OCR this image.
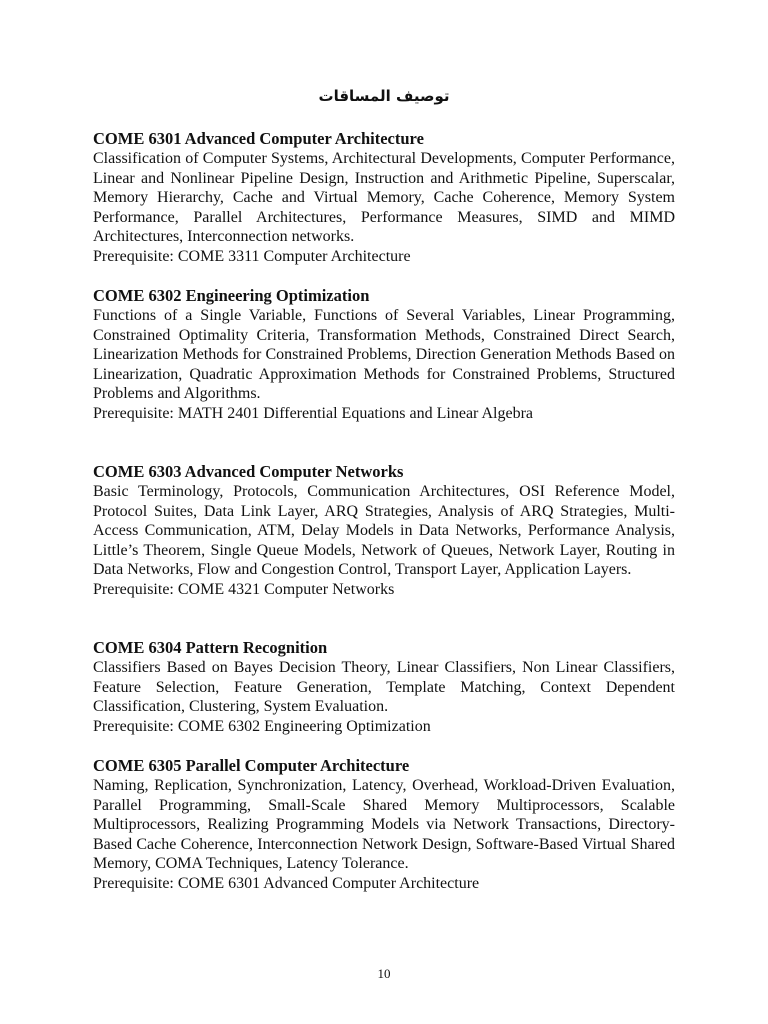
توصيف المساقات
COME 6301 Advanced Computer Architecture

Classification of Computer Systems, Architectural Developments, Computer Performance, Linear and Nonlinear Pipeline Design, Instruction and Arithmetic Pipeline, Superscalar, Memory Hierarchy, Cache and Virtual Memory, Cache Coherence, Memory System Performance, Parallel Architectures, Performance Measures, SIMD and MIMD Architectures, Interconnection networks.

Prerequisite: COME 3311 Computer Architecture

COME 6302 Engineering Optimization

Functions of a Single Variable, Functions of Several Variables, Linear Programming, Constrained Optimality Criteria, Transformation Methods, Constrained Direct Search, Linearization Methods for Constrained Problems, Direction Generation Methods Based on Linearization, Quadratic Approximation Methods for Constrained Problems, Structured Problems and Algorithms.

Prerequisite: MATH 2401 Differential Equations and Linear Algebra

COME 6303 Advanced Computer Networks

Basic Terminology, Protocols, Communication Architectures, OSI Reference Model, Protocol Suites, Data Link Layer, ARQ Strategies, Analysis of ARQ Strategies, Multi-Access Communication, ATM, Delay Models in Data Networks, Performance Analysis, Little’s Theorem, Single Queue Models, Network of Queues, Network Layer, Routing in Data Networks, Flow and Congestion Control, Transport Layer, Application Layers.

Prerequisite: COME 4321 Computer Networks

COME 6304 Pattern Recognition

Classifiers Based on Bayes Decision Theory, Linear Classifiers, Non Linear Classifiers, Feature Selection, Feature Generation, Template Matching, Context Dependent Classification, Clustering, System Evaluation.

Prerequisite: COME 6302 Engineering Optimization

COME 6305 Parallel Computer Architecture

Naming, Replication, Synchronization, Latency, Overhead, Workload-Driven Evaluation, Parallel Programming, Small-Scale Shared Memory Multiprocessors, Scalable Multiprocessors, Realizing Programming Models via Network Transactions, Directory-Based Cache Coherence, Interconnection Network Design, Software-Based Virtual Shared Memory, COMA Techniques, Latency Tolerance.

Prerequisite: COME 6301 Advanced Computer Architecture

10
